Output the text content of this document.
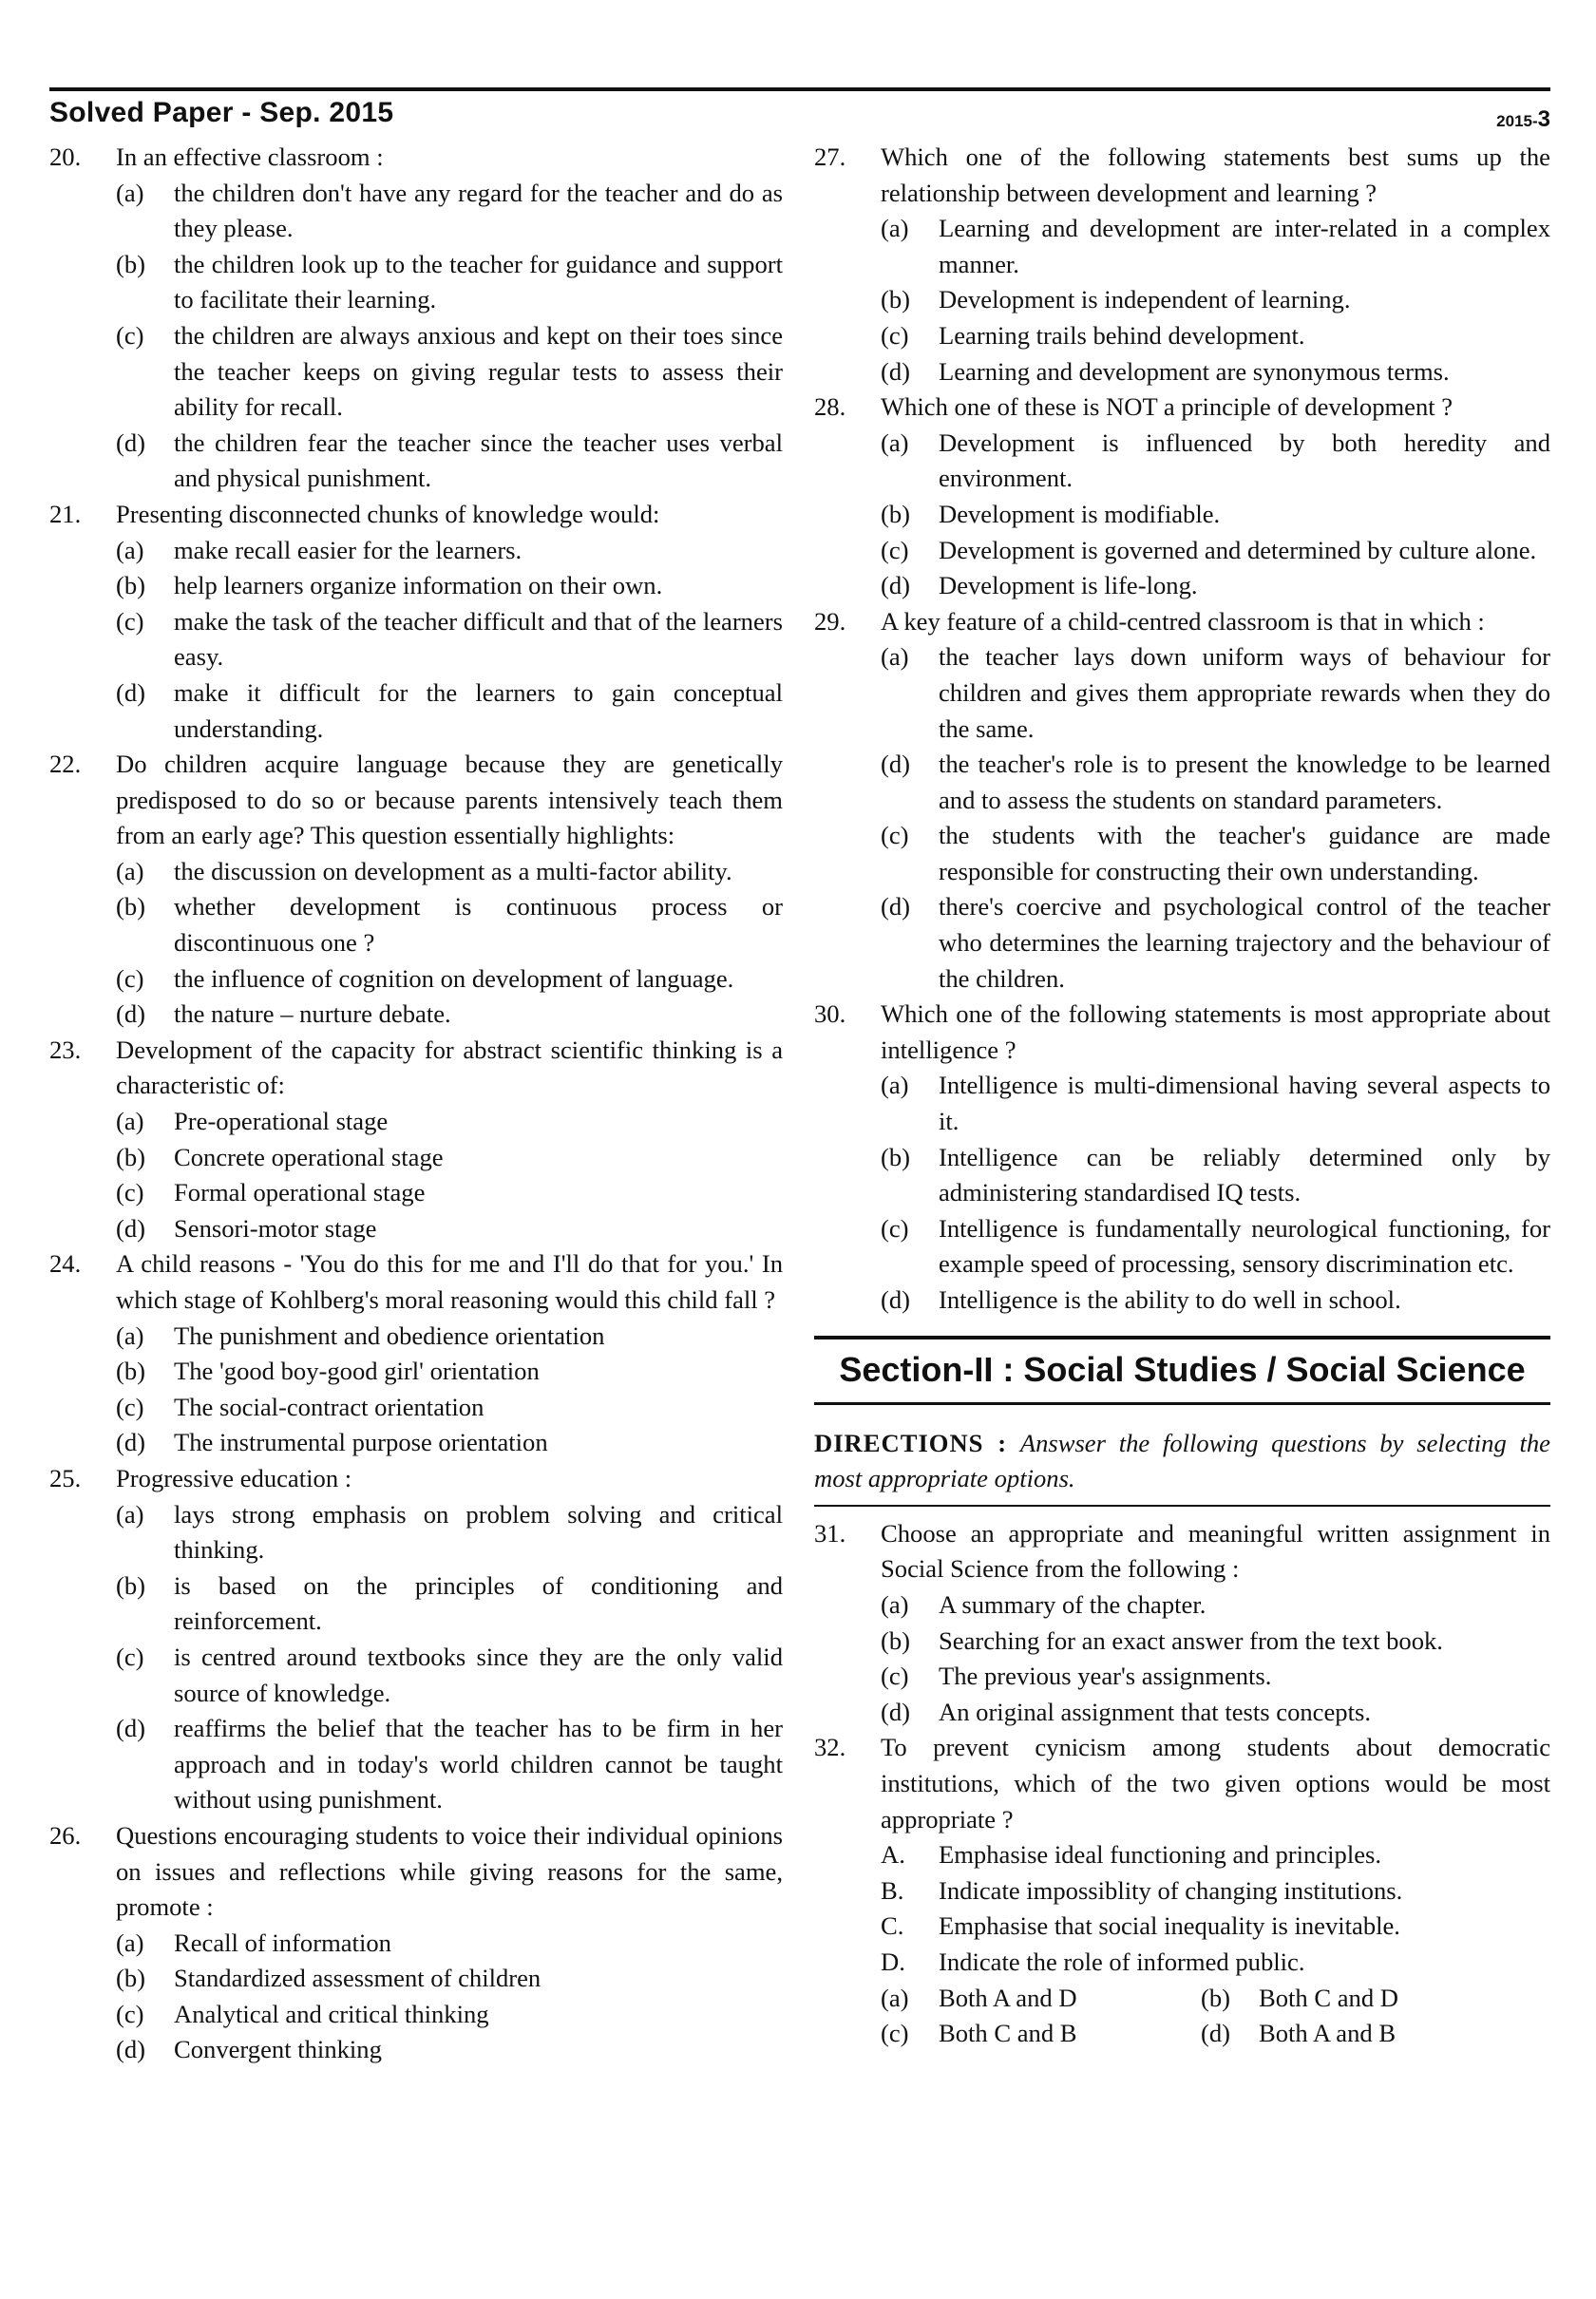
Solved Paper - Sep. 2015	2015-3
20.	In an effective classroom :
(a)	the children don't have any regard for the teacher and do as they please.
(b)	the children look up to the teacher for guidance and support to facilitate their learning.
(c)	the children are always anxious and kept on their toes since the teacher keeps on giving regular tests to assess their ability for recall.
(d)	the children fear the teacher since the teacher uses verbal and physical punishment.
21.	Presenting disconnected chunks of knowledge would:
(a)	make recall easier for the learners.
(b)	help learners organize information on their own.
(c)	make the task of the teacher difficult and that of the learners easy.
(d)	make it difficult for the learners to gain conceptual understanding.
22.	Do children acquire language because they are genetically predisposed to do so or because parents intensively teach them from an early age? This question essentially highlights:
(a)	the discussion on development as a multi-factor ability.
(b)	whether development is continuous process or discontinuous one ?
(c)	the influence of cognition on development of language.
(d)	the nature – nurture debate.
23.	Development of the capacity for abstract scientific thinking is a characteristic of:
(a)	Pre-operational stage
(b)	Concrete operational stage
(c)	Formal operational stage
(d)	Sensori-motor stage
24.	A child reasons - 'You do this for me and I'll do that for you.' In which stage of Kohlberg's moral reasoning would this child fall ?
(a)	The punishment and obedience orientation
(b)	The 'good boy-good girl' orientation
(c)	The social-contract orientation
(d)	The instrumental purpose orientation
25.	Progressive education :
(a)	lays strong emphasis on problem solving and critical thinking.
(b)	is based on the principles of conditioning and reinforcement.
(c)	is centred around textbooks since they are the only valid source of knowledge.
(d)	reaffirms the belief that the teacher has to be firm in her approach and in today's world children cannot be taught without using punishment.
26.	Questions encouraging students to voice their individual opinions on issues and reflections while giving reasons for the same, promote :
(a)	Recall of information
(b)	Standardized assessment of children
(c)	Analytical and critical thinking
(d)	Convergent thinking
27.	Which one of the following statements best sums up the relationship between development and learning ?
(a)	Learning and development are inter-related in a complex manner.
(b)	Development is independent of learning.
(c)	Learning trails behind development.
(d)	Learning and development are synonymous terms.
28.	Which one of these is NOT a principle of development ?
(a)	Development is influenced by both heredity and environment.
(b)	Development is modifiable.
(c)	Development is governed and determined by culture alone.
(d)	Development is life-long.
29.	A key feature of a child-centred classroom is that in which :
(a)	the teacher lays down uniform ways of behaviour for children and gives them appropriate rewards when they do the same.
(d)	the teacher's role is to present the knowledge to be learned and to assess the students on standard parameters.
(c)	the students with the teacher's guidance are made responsible for constructing their own understanding.
(d)	there's coercive and psychological control of the teacher who determines the learning trajectory and the behaviour of the children.
30.	Which one of the following statements is most appropriate about intelligence ?
(a)	Intelligence is multi-dimensional having several aspects to it.
(b)	Intelligence can be reliably determined only by administering standardised IQ tests.
(c)	Intelligence is fundamentally neurological functioning, for example speed of processing, sensory discrimination etc.
(d)	Intelligence is the ability to do well in school.
Section-II : Social Studies / Social Science
DIRECTIONS : Answser the following questions by selecting the most appropriate options.
31.	Choose an appropriate and meaningful written assignment in Social Science from the following :
(a)	A summary of the chapter.
(b)	Searching for an exact answer from the text book.
(c)	The previous year's assignments.
(d)	An original assignment that tests concepts.
32.	To prevent cynicism among students about democratic institutions, which of the two given options would be most appropriate ?
A.	Emphasise ideal functioning and principles.
B.	Indicate impossiblity of changing institutions.
C.	Emphasise that social inequality is inevitable.
D.	Indicate the role of informed public.
(a)	Both A and D	(b)	Both C and D
(c)	Both C and B	(d)	Both A and B
